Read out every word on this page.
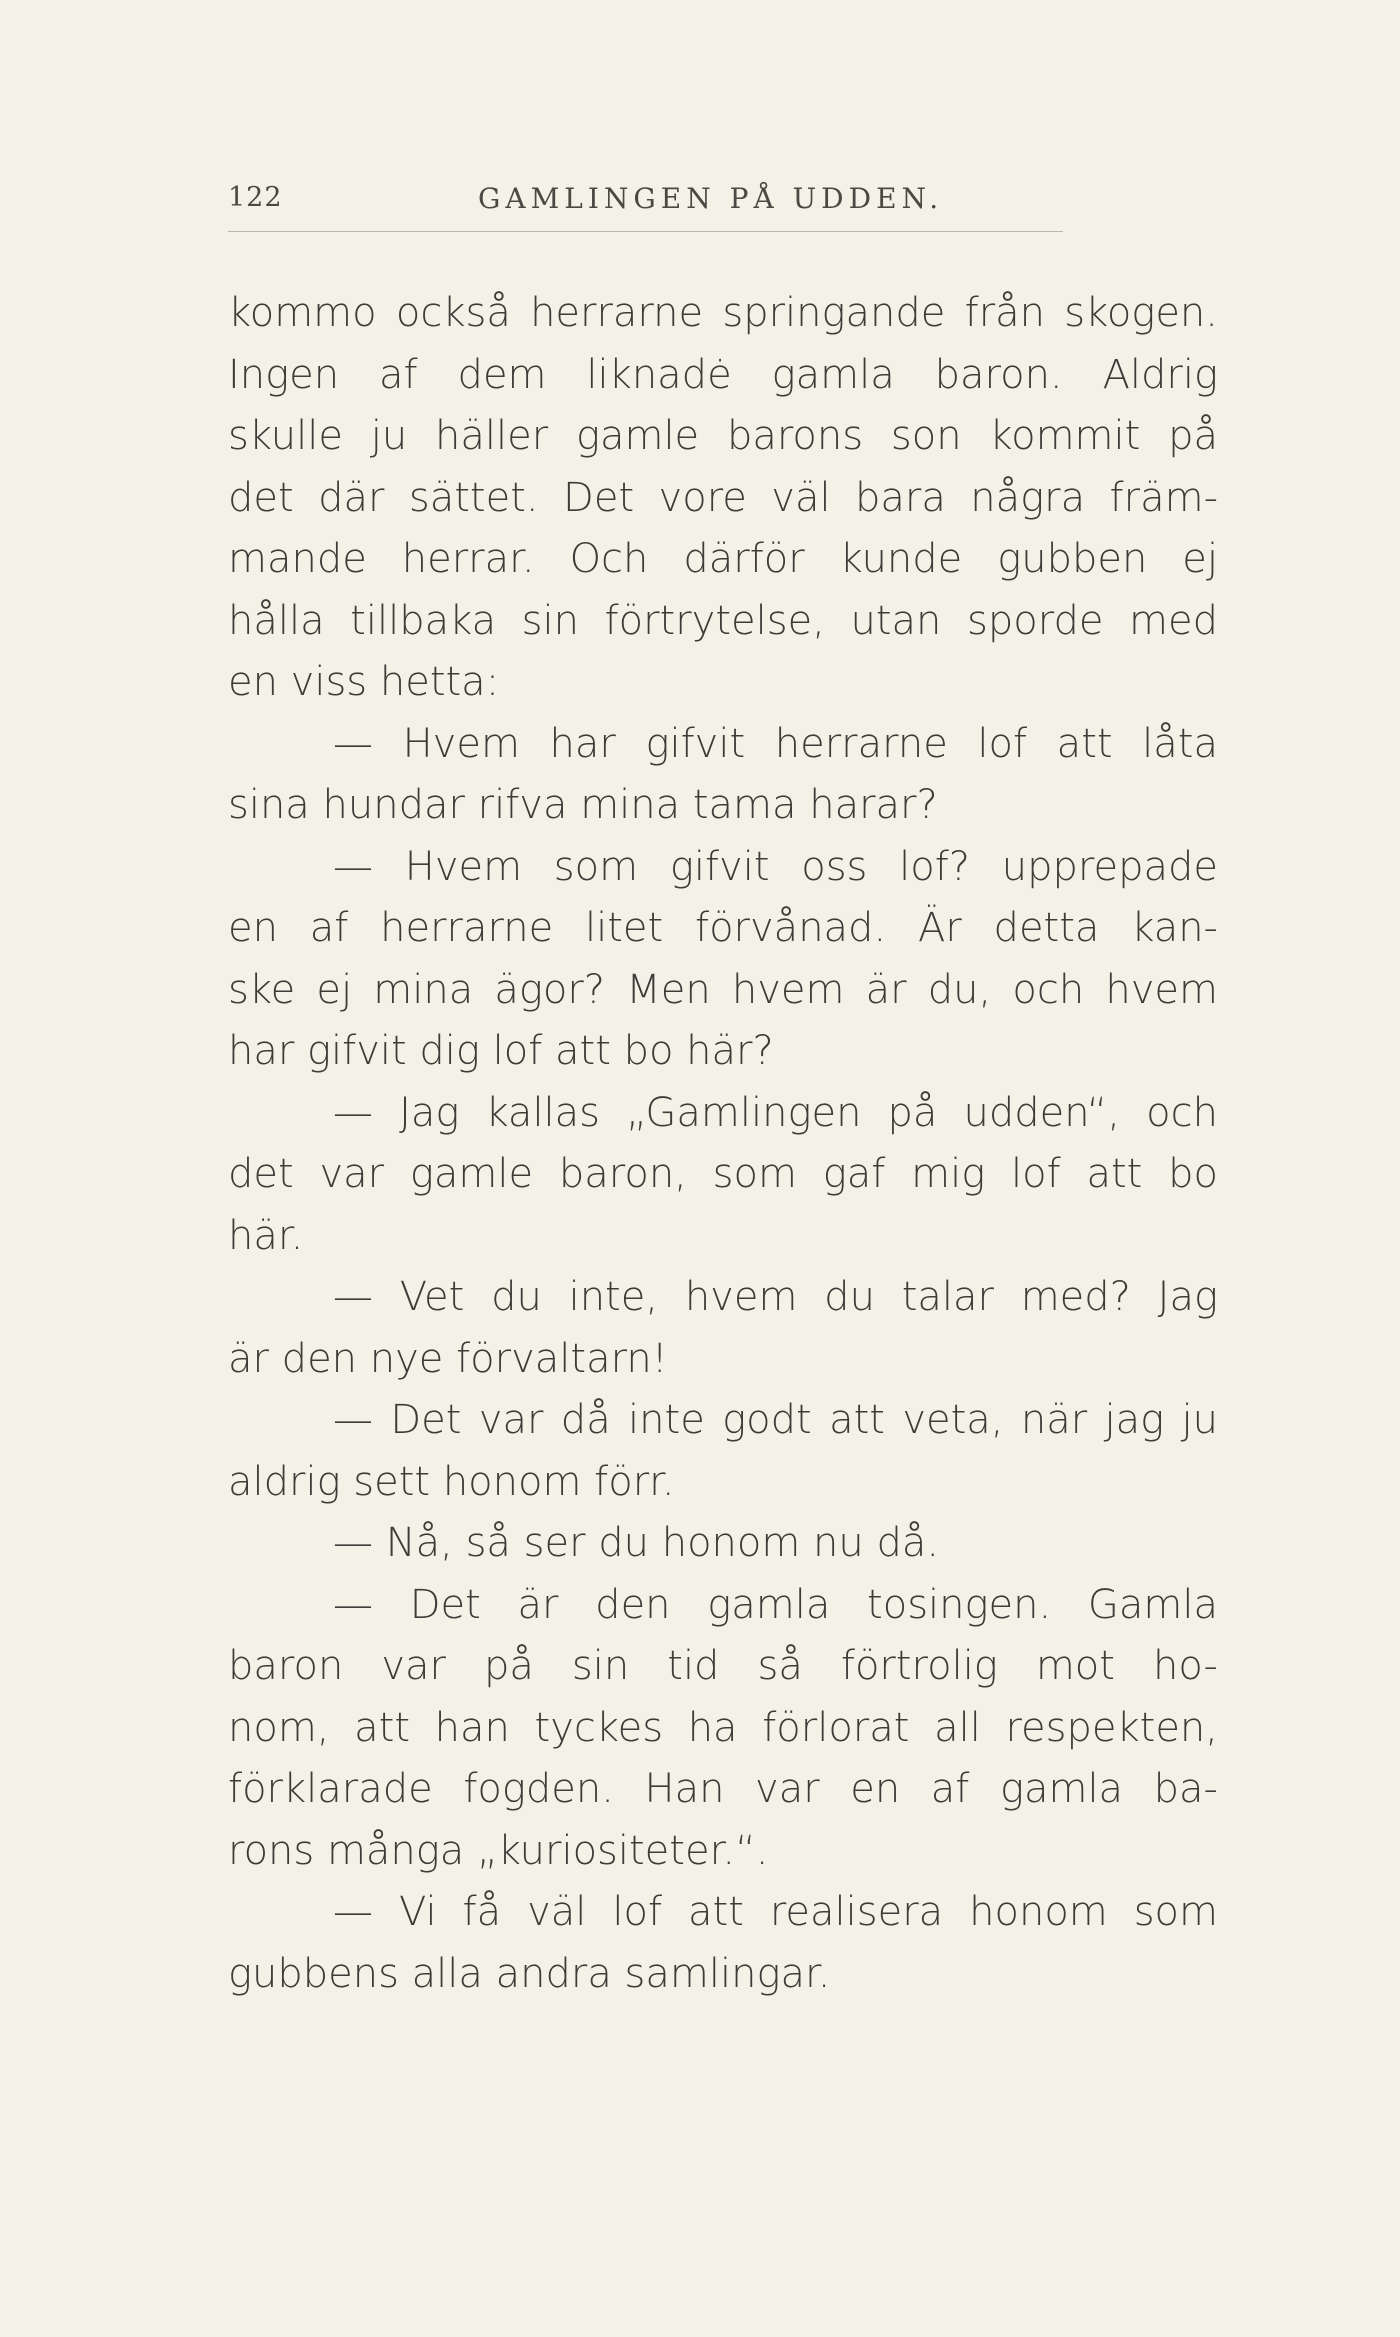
122	GAMLINGEN PÅ UDDEN.
kommo också herrarne springande från skogen.
Ingen af dem liknadė gamla baron. Aldrig
skulle ju häller gamle barons son kommit på
det där sättet. Det vore väl bara några främ-
mande herrar. Och därför kunde gubben ej
hålla tillbaka sin förtrytelse, utan sporde med
en viss hetta:
— Hvem har gifvit herrarne lof att låta
sina hundar rifva mina tama harar?
— Hvem som gifvit oss lof? upprepade
en af herrarne litet förvånad. Är detta kan-
ske ej mina ägor? Men hvem är du, och hvem
har gifvit dig lof att bo här?
— Jag kallas „Gamlingen på udden“, och
det var gamle baron, som gaf mig lof att bo
här.
— Vet du inte, hvem du talar med? Jag
är den nye förvaltarn!
— Det var då inte godt att veta, när jag ju
aldrig sett honom förr.
— Nå, så ser du honom nu då.
— Det är den gamla tosingen. Gamla
baron var på sin tid så förtrolig mot ho-
nom, att han tyckes ha förlorat all respekten,
förklarade fogden. Han var en af gamla ba-
rons många „kuriositeter.“.
— Vi få väl lof att realisera honom som
gubbens alla andra samlingar.
